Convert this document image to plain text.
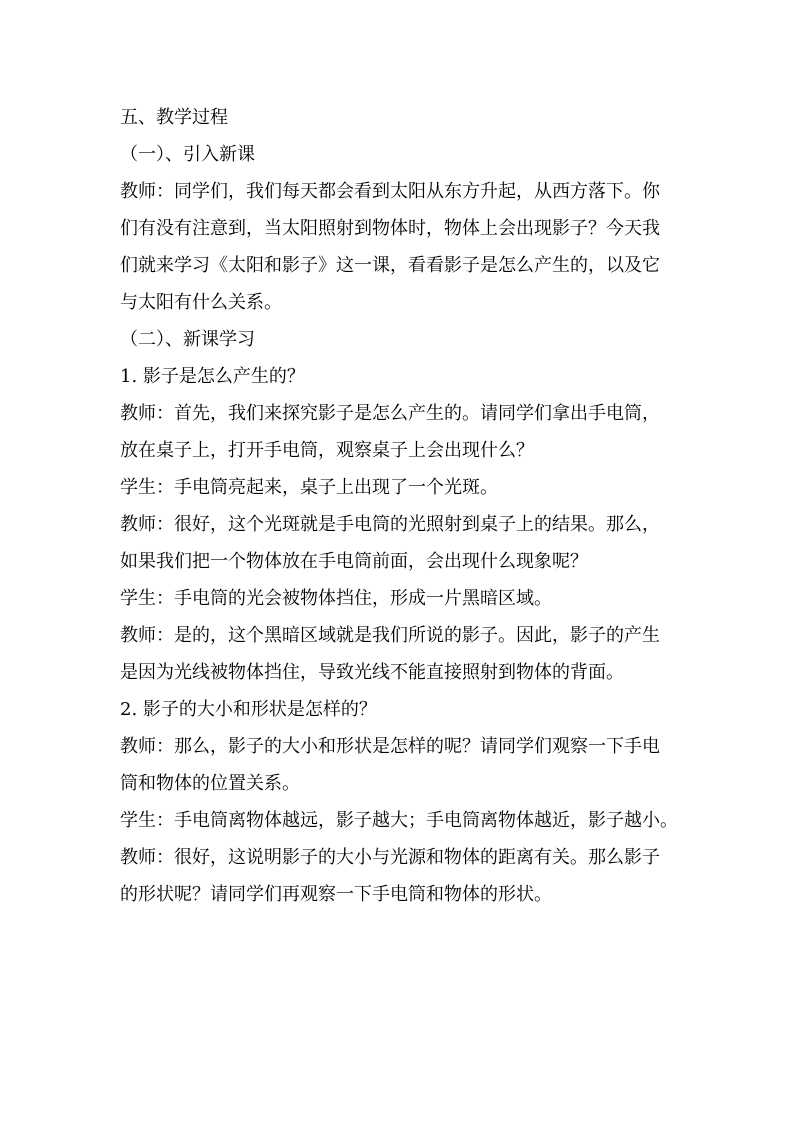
五、教学过程
（一）、引入新课
教师：同学们，我们每天都会看到太阳从东方升起，从西方落下。你
们有没有注意到，当太阳照射到物体时，物体上会出现影子？今天我
们就来学习《太阳和影子》这一课，看看影子是怎么产生的，以及它
与太阳有什么关系。
（二）、新课学习
1. 影子是怎么产生的？
教师：首先，我们来探究影子是怎么产生的。请同学们拿出手电筒，
放在桌子上，打开手电筒，观察桌子上会出现什么？
学生：手电筒亮起来，桌子上出现了一个光斑。
教师：很好，这个光斑就是手电筒的光照射到桌子上的结果。那么，
如果我们把一个物体放在手电筒前面，会出现什么现象呢？
学生：手电筒的光会被物体挡住，形成一片黑暗区域。
教师：是的，这个黑暗区域就是我们所说的影子。因此，影子的产生
是因为光线被物体挡住，导致光线不能直接照射到物体的背面。
2. 影子的大小和形状是怎样的？
教师：那么，影子的大小和形状是怎样的呢？请同学们观察一下手电
筒和物体的位置关系。
学生：手电筒离物体越远，影子越大；手电筒离物体越近，影子越小。
教师：很好，这说明影子的大小与光源和物体的距离有关。那么影子
的形状呢？请同学们再观察一下手电筒和物体的形状。
